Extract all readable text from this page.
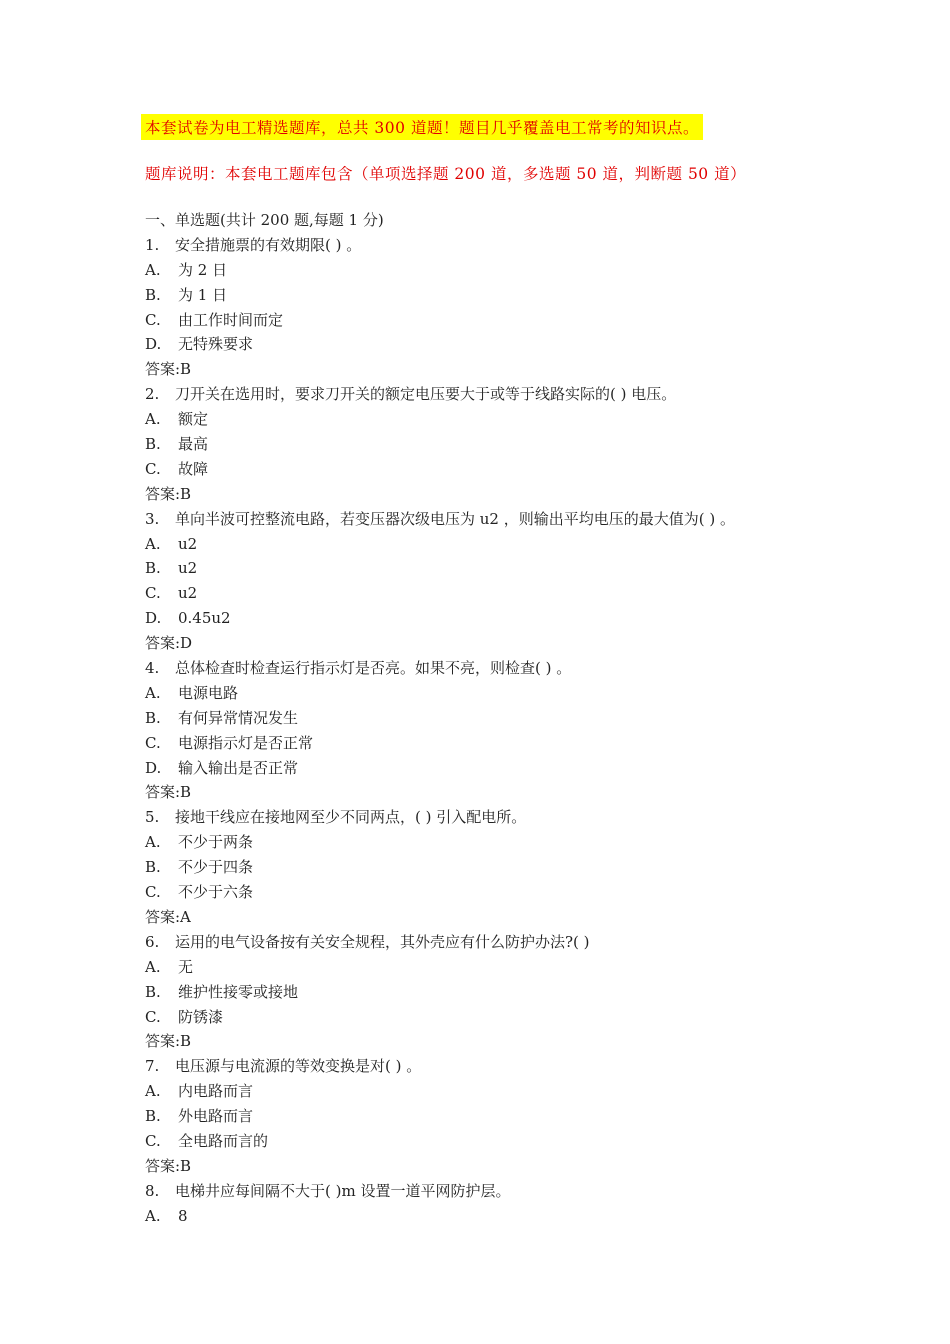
本套试卷为电工精选题库，总共 300 道题！题目几乎覆盖电工常考的知识点。
题库说明：本套电工题库包含（单项选择题 200 道，多选题 50 道，判断题 50 道）
一、单选题(共计 200 题,每题 1 分)
1. 安全措施票的有效期限( ) 。
A. 为 2 日
B. 为 1 日
C. 由工作时间而定
D. 无特殊要求
答案:B
2. 刀开关在选用时，要求刀开关的额定电压要大于或等于线路实际的( ) 电压。
A. 额定
B. 最高
C. 故障
答案:B
3. 单向半波可控整流电路，若变压器次级电压为 u2 ，则输出平均电压的最大值为( ) 。
A. u2
B. u2
C. u2
D. 0.45u2
答案:D
4. 总体检查时检查运行指示灯是否亮。如果不亮，则检查( ) 。
A. 电源电路
B. 有何异常情况发生
C. 电源指示灯是否正常
D. 输入输出是否正常
答案:B
5. 接地干线应在接地网至少不同两点，( ) 引入配电所。
A. 不少于两条
B. 不少于四条
C. 不少于六条
答案:A
6. 运用的电气设备按有关安全规程，其外壳应有什么防护办法?( )
A. 无
B. 维护性接零或接地
C. 防锈漆
答案:B
7. 电压源与电流源的等效变换是对( ) 。
A. 内电路而言
B. 外电路而言
C. 全电路而言的
答案:B
8. 电梯井应每间隔不大于( )m 设置一道平网防护层。
A. 8
